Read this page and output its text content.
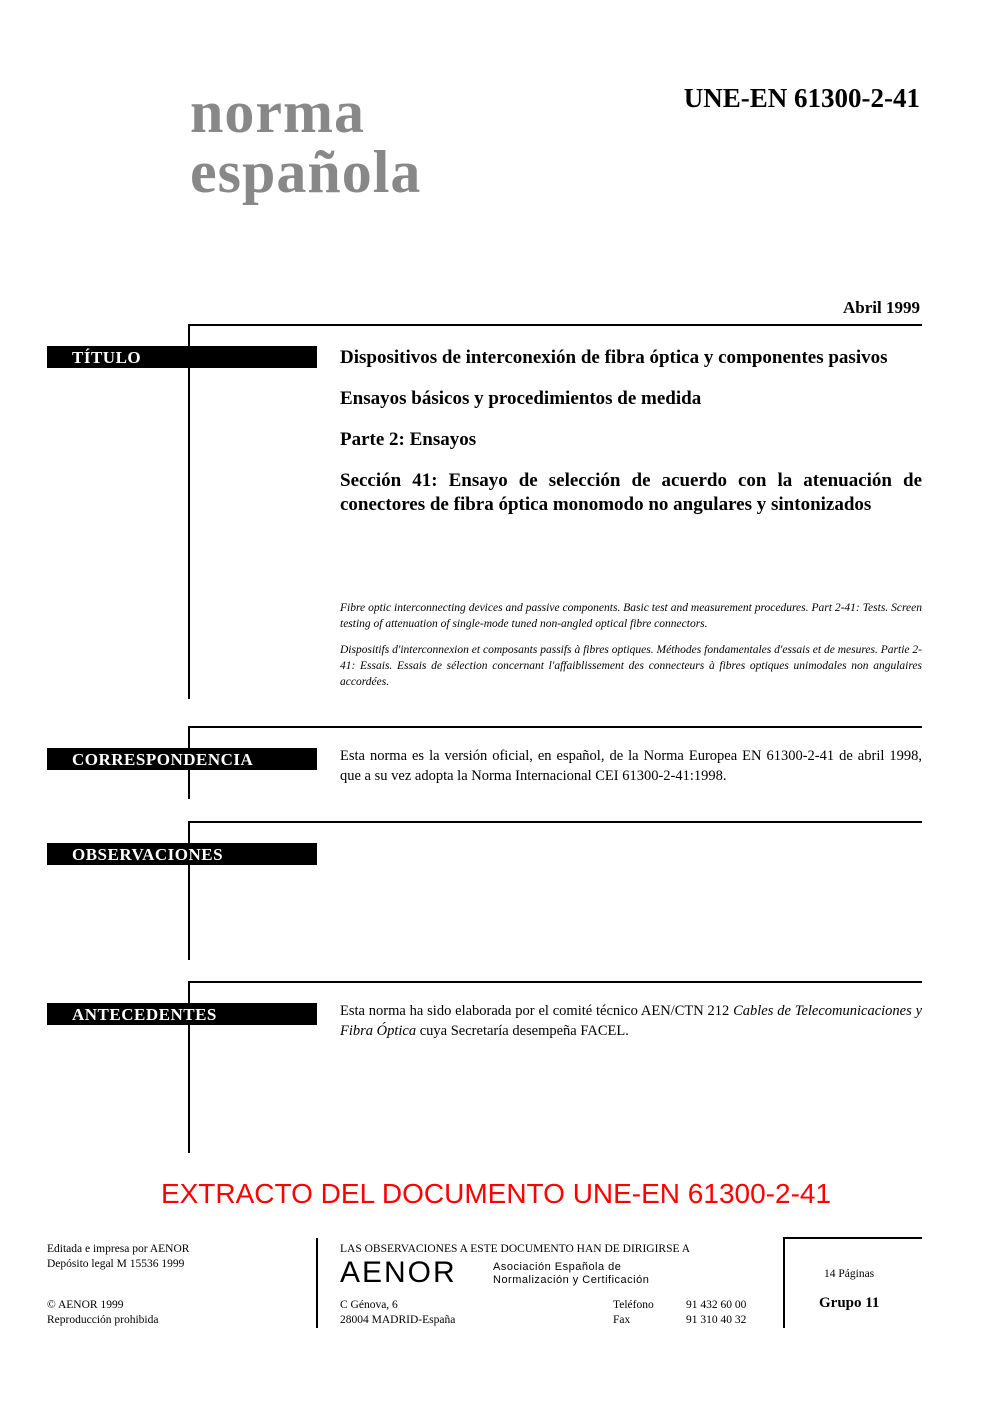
norma
española
UNE-EN 61300-2-41
Abril 1999
TÍTULO	Dispositivos de interconexión de fibra óptica y componentes pasivos

Ensayos básicos y procedimientos de medida

Parte 2: Ensayos

Sección 41: Ensayo de selección de acuerdo con la atenuación de conectores de fibra óptica monomodo no angulares y sintonizados

Fibre optic interconnecting devices and passive components. Basic test and measurement procedures. Part 2-41: Tests. Screen testing of attenuation of single-mode tuned non-angled optical fibre connectors.

Dispositifs d'interconnexion et composants passifs à fibres optiques. Méthodes fondamentales d'essais et de mesures. Partie 2-41: Essais. Essais de sélection concernant l'affaiblissement des connecteurs à fibres optiques unimodales non angulaires accordées.

CORRESPONDENCIA	Esta norma es la versión oficial, en español, de la Norma Europea EN 61300-2-41 de abril 1998, que a su vez adopta la Norma Internacional CEI 61300-2-41:1998.
OBSERVACIONES
ANTECEDENTES	Esta norma ha sido elaborada por el comité técnico AEN/CTN 212 Cables de Telecomunicaciones y Fibra Óptica cuya Secretaría desempeña FACEL.
EXTRACTO DEL DOCUMENTO UNE-EN 61300-2-41
Editada e impresa por AENOR
Depósito legal M 15536 1999
© AENOR 1999
Reproducción prohibida
LAS OBSERVACIONES A ESTE DOCUMENTO HAN DE DIRIGIRSE A
AENOR	Asociación Española de
Normalización y Certificación
C Génova, 6
28004 MADRID-España
Teléfono	91 432 60 00
Fax	91 310 40 32
14 Páginas
Grupo 11
